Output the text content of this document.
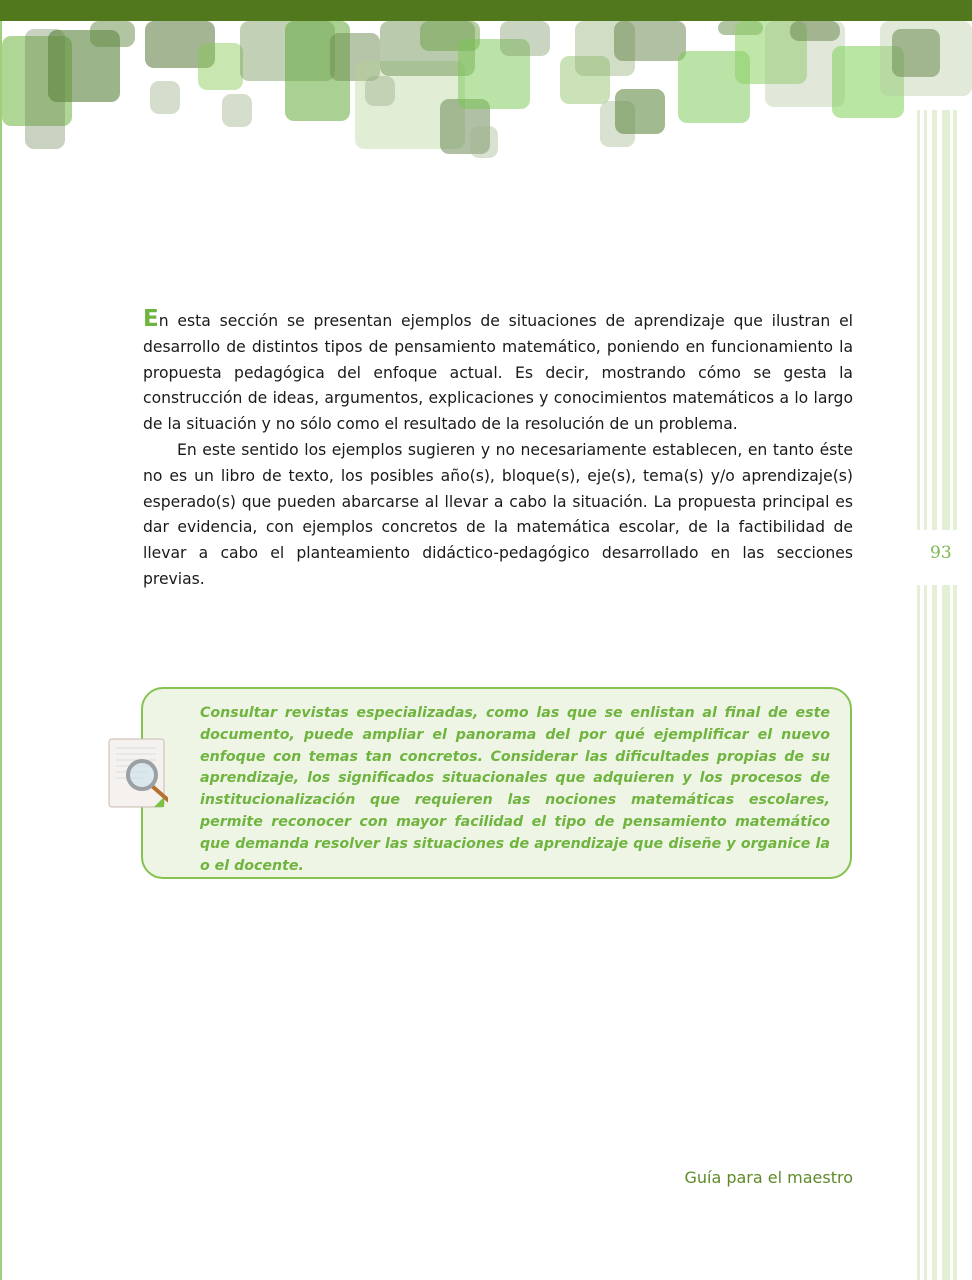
En esta sección se presentan ejemplos de situaciones de aprendizaje que ilustran el desarrollo de distintos tipos de pensamiento matemático, poniendo en funcionamiento la propuesta pedagógica del enfoque actual. Es decir, mostrando cómo se gesta la construcción de ideas, argumentos, explicaciones y conocimientos matemáticos a lo largo de la situación y no sólo como el resultado de la resolución de un problema.

En este sentido los ejemplos sugieren y no necesariamente establecen, en tanto éste no es un libro de texto, los posibles año(s), bloque(s), eje(s), tema(s) y/o aprendizaje(s) esperado(s) que pueden abarcarse al llevar a cabo la situación. La propuesta principal es dar evidencia, con ejemplos concretos de la matemática escolar, de la factibilidad de llevar a cabo el planteamiento didáctico-pedagógico desarrollado en las secciones previas.

93
Consultar revistas especializadas, como las que se enlistan al final de este documento, puede ampliar el panorama del por qué ejemplificar el nuevo enfoque con temas tan concretos. Considerar las dificultades propias de su aprendizaje, los significados situacionales que adquieren y los procesos de institucionalización que requieren las nociones matemáticas escolares, permite reconocer con mayor facilidad el tipo de pensamiento matemático que demanda resolver las situaciones de aprendizaje que diseñe y organice la o el docente.
Guía para el maestro
